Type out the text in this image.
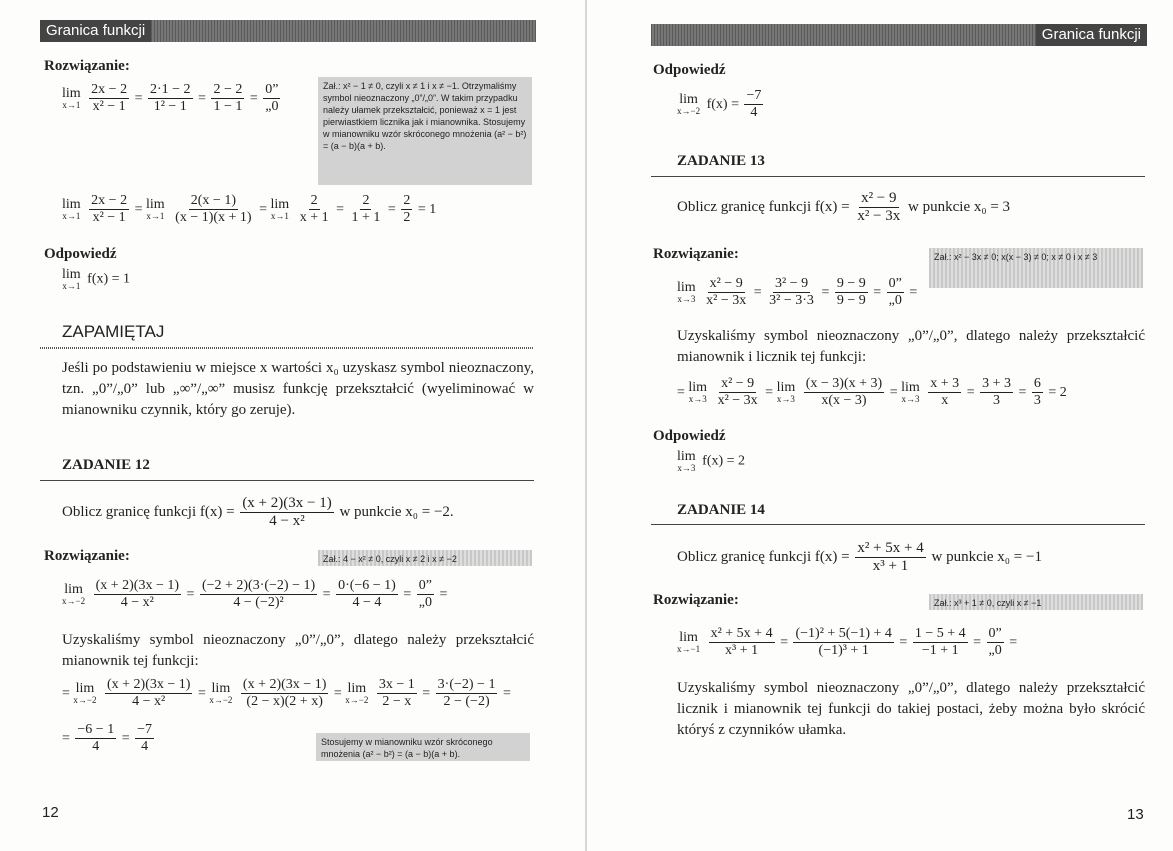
Granica funkcji
Rozwiązanie:
lim
x→1
$\frac{2x - 2}{\text{x² − 1}} = \frac{2\cdot 1 - 2}{\text{1² − 1}} = \frac{2 - 2}{1 - 1} = \frac{0”}{„0}$	Zał.: x² − 1 ≠ 0, czyli x ≠ 1 i x ≠ −1. Otrzymaliśmy symbol nieoznaczony „0”/„0”. W takim przypadku należy ułamek przekształcić, ponieważ x = 1 jest pierwiastkiem licznika jak i mianownika. Stosujemy w mianowniku wzór skróconego mnożenia (a² − b²) = (a − b)(a + b).
lim
x→1
$\frac{2x - 2}{\text{x² − 1}} = \lim$
x→1
$\frac{2(x - 1)}{(x - 1)(x + 1)} = \lim$
x→1
$\frac{2}{x + 1} = \frac{2}{1 + 1} = \frac{2}{2} = 1$
Odpowiedź
lim
x→1 f(x) = 1
ZAPAMIĘTAJ
Jeśli po podstawieniu w miejsce x wartości x₀ uzyskasz symbol nieoznaczony, tzn. „0”/„0” lub „∞”/„∞” musisz funkcję przekształcić (wyeliminować w mianowniku czynnik, który go zeruje).
ZADANIE 12
Oblicz granicę funkcji $f(x) = \frac{(x + 2)(3x - 1)}{\text{4 − x²}}$ w punkcie x₀ = −2.
Rozwiązanie:	Zał.: 4 − x² ≠ 0, czyli x ≠ 2 i x ≠ −2
lim
x→−2
$\frac{(x + 2)(3x - 1)}{\text{4 − x²}} = \frac{(-2 + 2)(3\cdot(-2) - 1)}{\text{4 − (−2)²}} = \frac{0\cdot(-6 - 1)}{4 - 4} = \frac{0”}{„0}$ =
Uzyskaliśmy symbol nieoznaczony „0”/„0”, dlatego należy przekształcić mianownik tej funkcji:
= lim
x→−2
$\frac{(x + 2)(3x - 1)}{\text{4 − x²}} = \lim$
x→−2
$\frac{(x + 2)(3x - 1)}{(2 - x)(2 + x)} = \lim$
x→−2
$\frac{3x - 1}{2 - x} = \frac{3\cdot(-2) - 1}{2 - (-2)}$ =
= $\frac{-6 - 1}{4} = \frac{-7}{4}$	Stosujemy w mianowniku wzór skróconego mnożenia (a² − b²) = (a − b)(a + b).
12
Granica funkcji
Odpowiedź
lim
x→−2 $f(x) = \frac{-7}{4}$
ZADANIE 13
Oblicz granicę funkcji $f(x) = \frac{\text{x² − 9}}{\text{x² − 3x}}$ w punkcie x₀ = 3
Rozwiązanie:	Zał.: x² − 3x ≠ 0; x(x − 3) ≠ 0; x ≠ 0 i x ≠ 3
lim
x→3
$\frac{\text{x² − 9}}{\text{x² − 3x}} = \frac{\text{3² − 9}}{\text{3² − 3·3}} = \frac{9 - 9}{9 - 9} = \frac{0”}{„0}$ =
Uzyskaliśmy symbol nieoznaczony „0”/„0”, dlatego należy przekształcić mianownik i licznik tej funkcji:
= lim
x→3
$\frac{\text{x² − 9}}{\text{x² − 3x}} = \lim$
x→3
$\frac{(x - 3)(x + 3)}{x(x - 3)} = \lim$
x→3
$\frac{x + 3}{x} = \frac{3 + 3}{3} = \frac{6}{3} = 2$
Odpowiedź
lim
x→3 f(x) = 2
ZADANIE 14
Oblicz granicę funkcji $f(x) = \frac{\text{x² + 5x + 4}}{\text{x³ + 1}}$ w punkcie x₀ = −1
Rozwiązanie:	Zał.: x³ + 1 ≠ 0, czyli x ≠ −1
lim
x→−1
$\frac{\text{x² + 5x + 4}}{\text{x³ + 1}} = \frac{\text{(−1)² + 5(−1) + 4}}{\text{(−1)³ + 1}} = \frac{1 - 5 + 4}{-1 + 1} = \frac{0”}{„0}$ =
Uzyskaliśmy symbol nieoznaczony „0”/„0”, dlatego należy przekształcić licznik i mianownik tej funkcji do takiej postaci, żeby można było skrócić któryś z czynników ułamka.
13
